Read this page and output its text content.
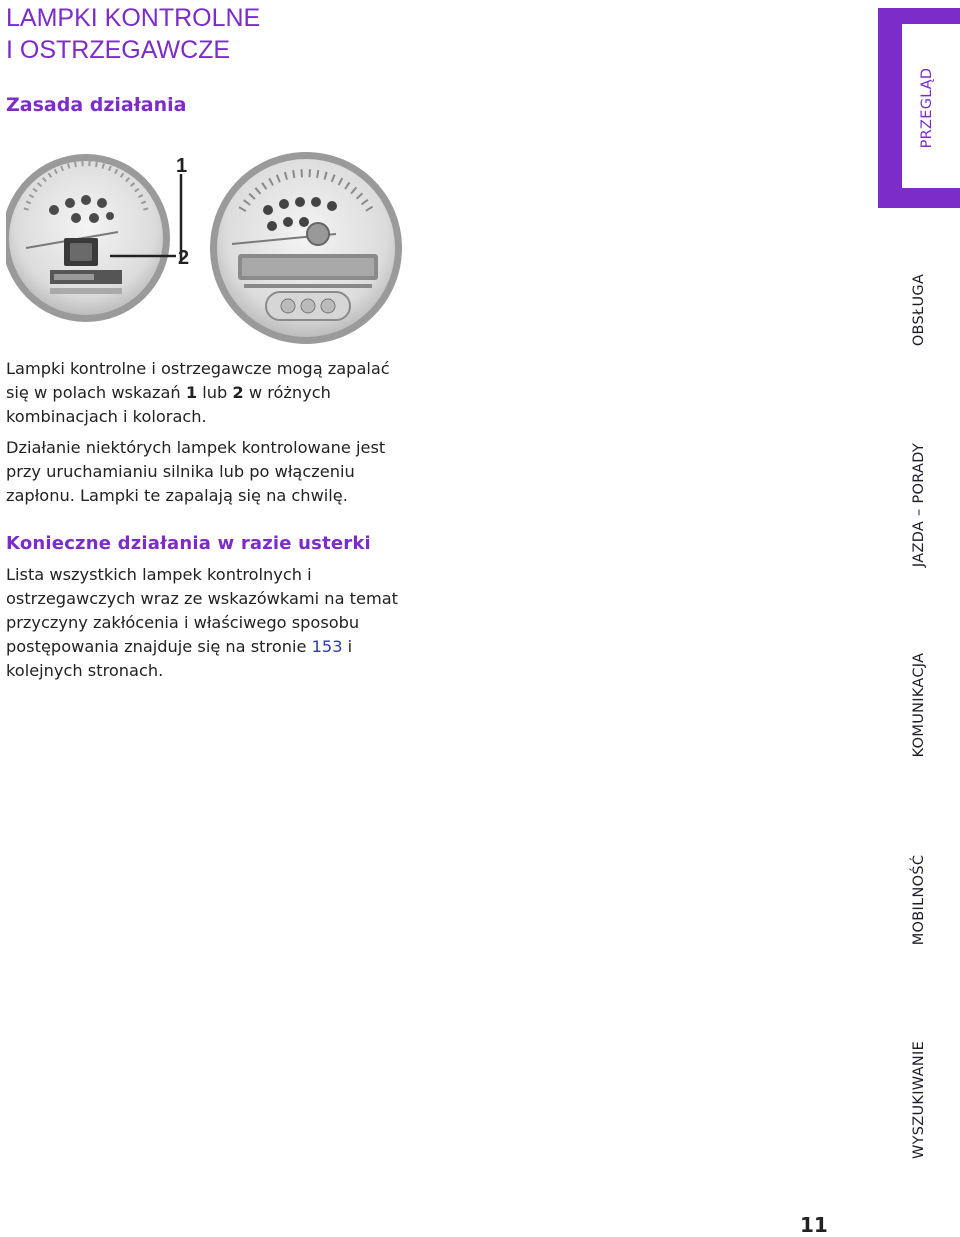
LAMPKI KONTROLNE
I OSTRZEGAWCZE
Zasada działania
1
2

Lampki kontrolne i ostrzegawcze mogą zapalać się w polach wskazań 1 lub 2 w różnych kombinacjach i kolorach.

Działanie niektórych lampek kontrolowane jest przy uruchamianiu silnika lub po włączeniu zapłonu. Lampki te zapalają się na chwilę.

Konieczne działania w razie usterki

Lista wszystkich lampek kontrolnych i ostrzegawczych wraz ze wskazówkami na temat przyczyny zakłócenia i właściwego sposobu postępowania znajduje się na stronie 153 i kolejnych stronach.

PRZEGLĄD
OBSŁUGA
JAZDA – PORADY
KOMUNIKACJA
MOBILNOŚĆ
WYSZUKIWANIE
11
